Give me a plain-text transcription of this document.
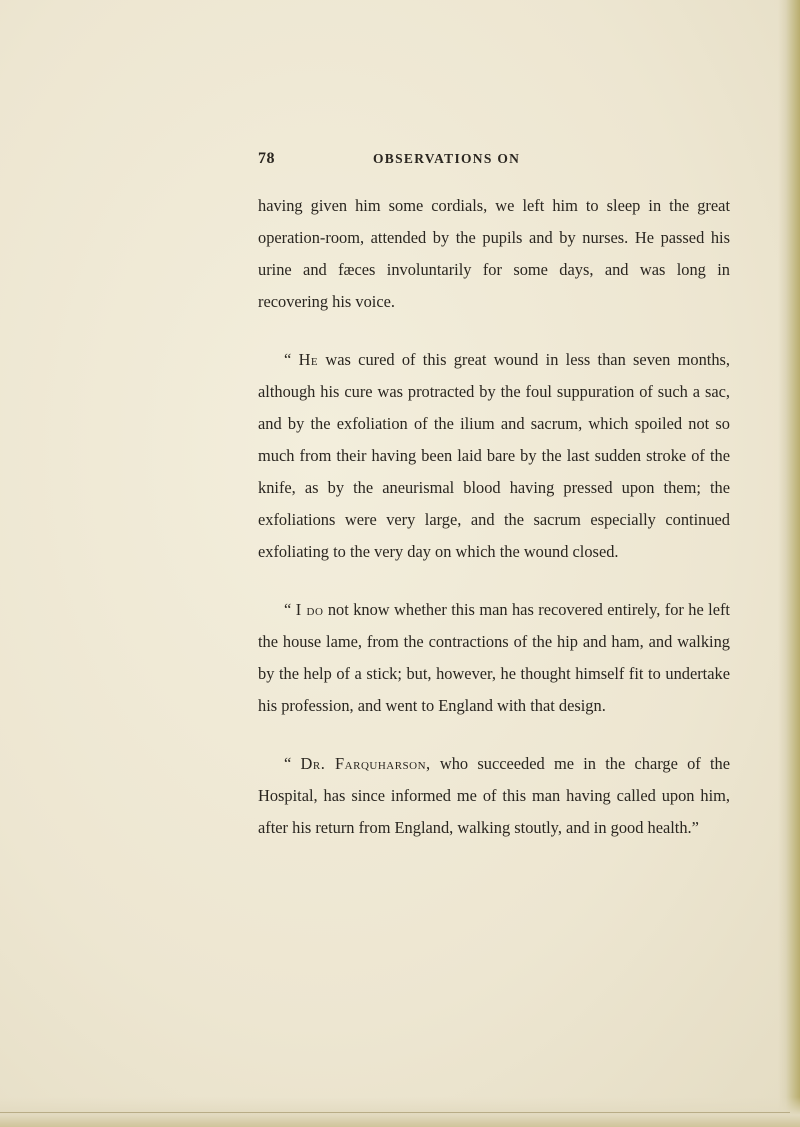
78	OBSERVATIONS ON

having given him some cordials, we left him to sleep in the great operation-room, attended by the pupils and by nurses. He passed his urine and fæces involuntarily for some days, and was long in recovering his voice.

“ He was cured of this great wound in less than seven months, although his cure was protracted by the foul suppuration of such a sac, and by the exfoliation of the ilium and sacrum, which spoiled not so much from their having been laid bare by the last sudden stroke of the knife, as by the aneurismal blood having pressed upon them; the exfoliations were very large, and the sacrum especially continued exfoliating to the very day on which the wound closed.

“ I do not know whether this man has recovered entirely, for he left the house lame, from the contractions of the hip and ham, and walking by the help of a stick; but, however, he thought himself fit to undertake his profession, and went to England with that design.

“ Dr. Farquharson, who succeeded me in the charge of the Hospital, has since informed me of this man having called upon him, after his return from England, walking stoutly, and in good health.”
